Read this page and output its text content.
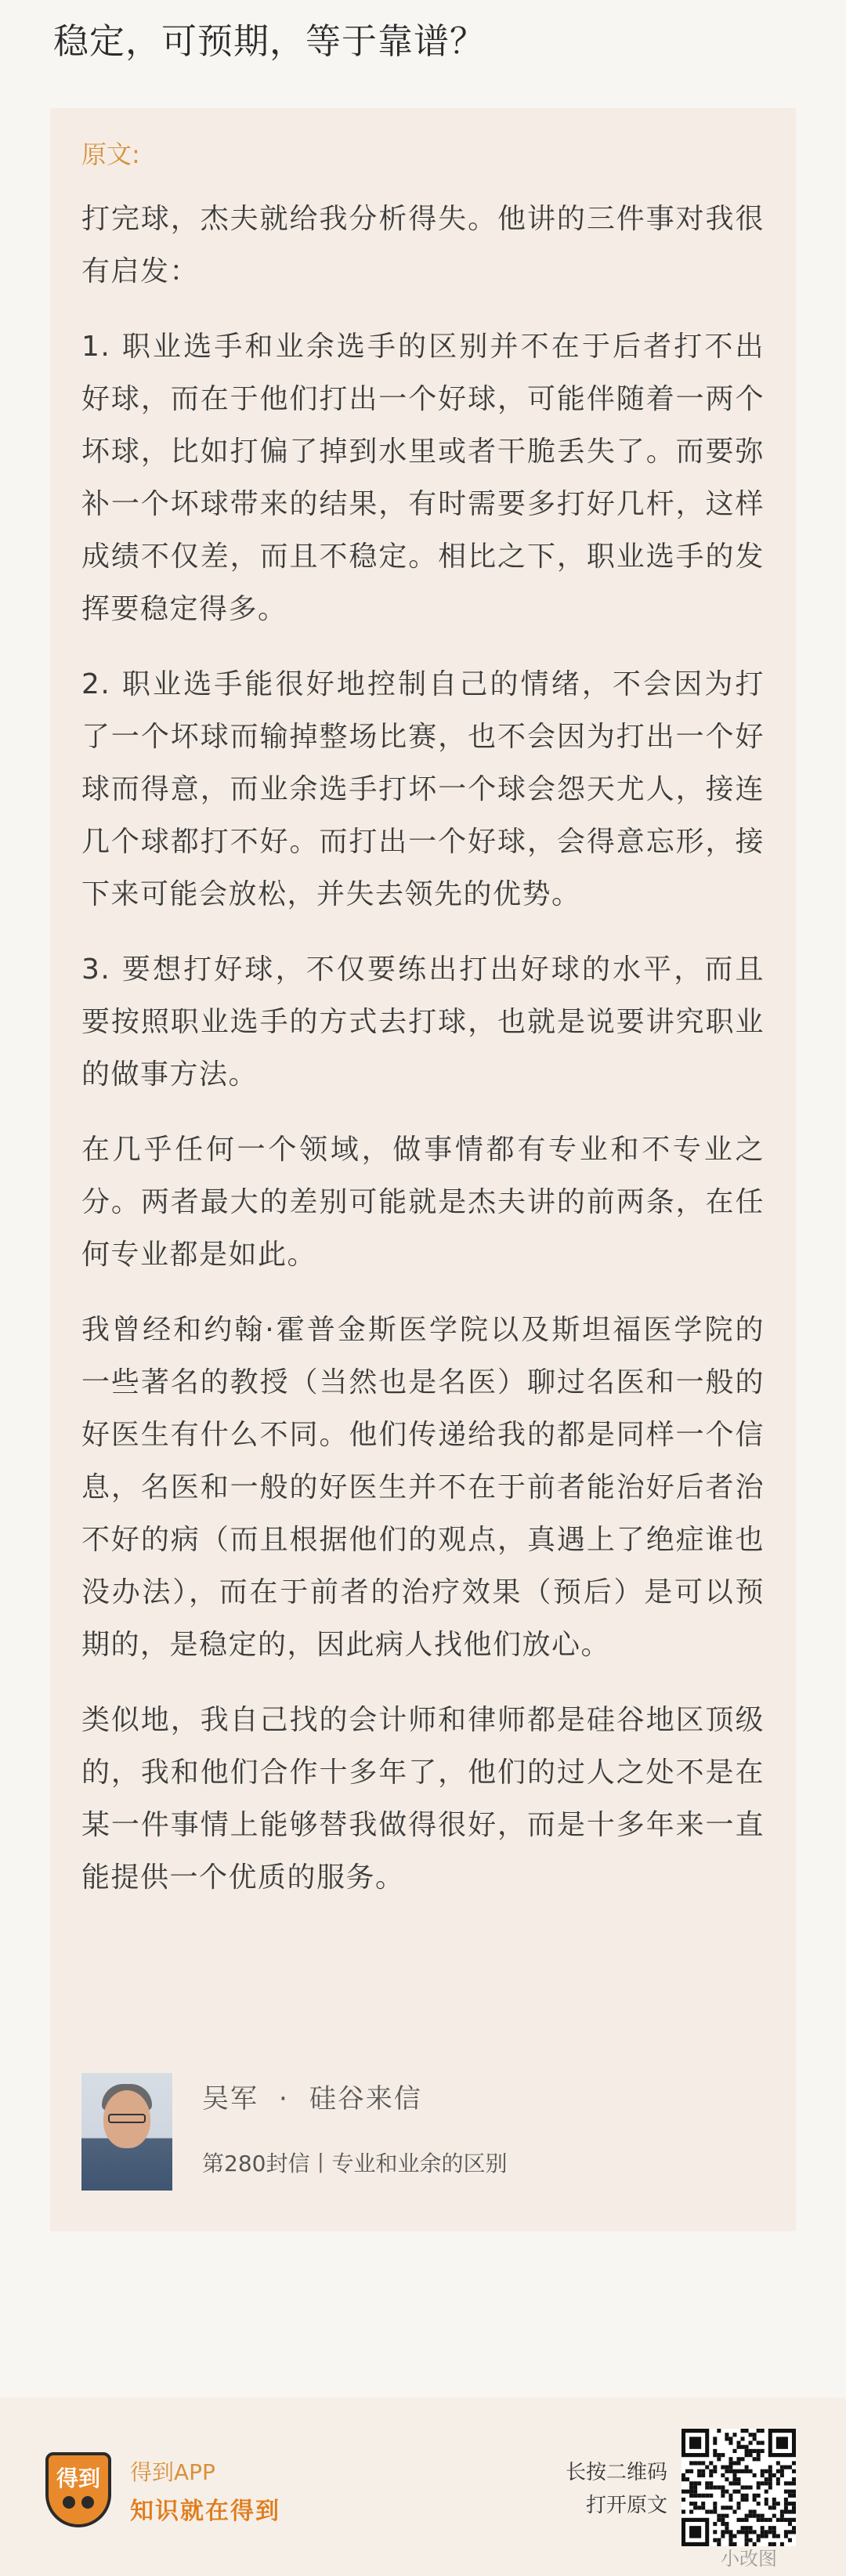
稳定，可预期，等于靠谱？
原文:

打完球，杰夫就给我分析得失。他讲的三件事对我很有启发：

1. 职业选手和业余选手的区别并不在于后者打不出好球，而在于他们打出一个好球，可能伴随着一两个坏球，比如打偏了掉到水里或者干脆丢失了。而要弥补一个坏球带来的结果，有时需要多打好几杆，这样成绩不仅差，而且不稳定。相比之下，职业选手的发挥要稳定得多。

2. 职业选手能很好地控制自己的情绪，不会因为打了一个坏球而输掉整场比赛，也不会因为打出一个好球而得意，而业余选手打坏一个球会怨天尤人，接连几个球都打不好。而打出一个好球，会得意忘形，接下来可能会放松，并失去领先的优势。

3. 要想打好球，不仅要练出打出好球的水平，而且要按照职业选手的方式去打球，也就是说要讲究职业的做事方法。

在几乎任何一个领域，做事情都有专业和不专业之分。两者最大的差别可能就是杰夫讲的前两条，在任何专业都是如此。

我曾经和约翰·霍普金斯医学院以及斯坦福医学院的一些著名的教授（当然也是名医）聊过名医和一般的好医生有什么不同。他们传递给我的都是同样一个信息，名医和一般的好医生并不在于前者能治好后者治不好的病（而且根据他们的观点，真遇上了绝症谁也没办法），而在于前者的治疗效果（预后）是可以预期的，是稳定的，因此病人找他们放心。

类似地，我自己找的会计师和律师都是硅谷地区顶级的，我和他们合作十多年了，他们的过人之处不是在某一件事情上能够替我做得很好，而是十多年来一直能提供一个优质的服务。

吴军 · 硅谷来信
第280封信丨专业和业余的区别
得到	得到APP
知识就在得到
长按二维码
打开原文
小改图
